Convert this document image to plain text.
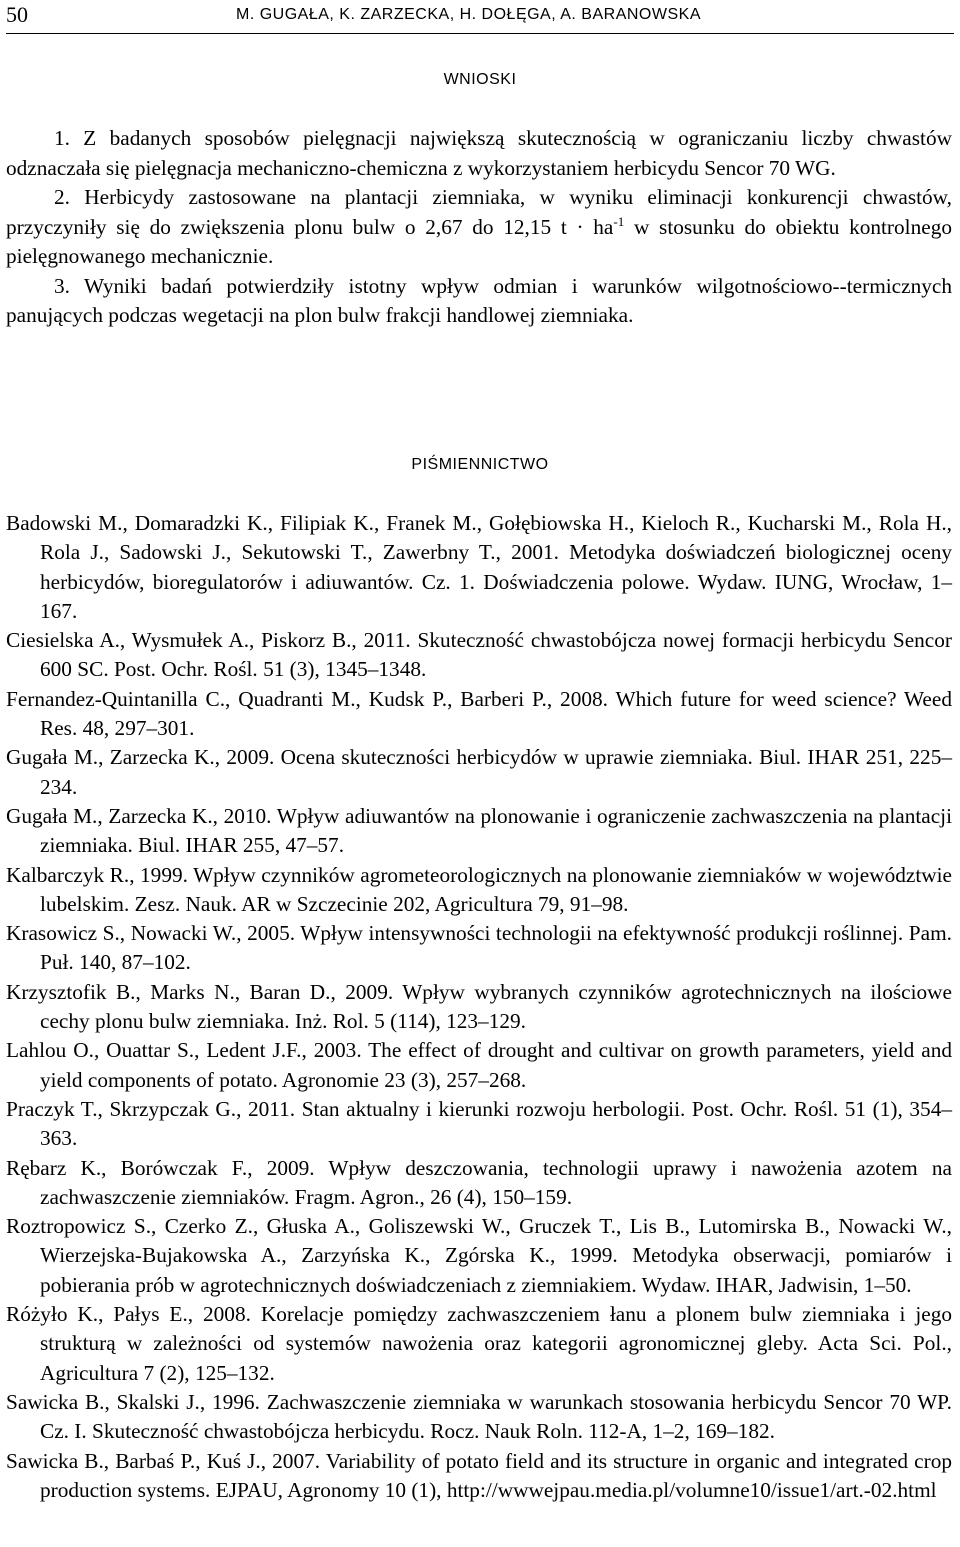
50	M. GUGAŁA, K. ZARZECKA, H. DOŁĘGA, A. BARANOWSKA
WNIOSKI

1. Z badanych sposobów pielęgnacji największą skutecznością w ograniczaniu liczby chwastów odznaczała się pielęgnacja mechaniczno-chemiczna z wykorzystaniem herbicydu Sencor 70 WG.

2. Herbicydy zastosowane na plantacji ziemniaka, w wyniku eliminacji konkurencji chwastów, przyczyniły się do zwiększenia plonu bulw o 2,67 do 12,15 $t \cdot ha^{-1}$ w stosunku do obiektu kontrolnego pielęgnowanego mechanicznie.

3. Wyniki badań potwierdziły istotny wpływ odmian i warunków wilgotnościowo--termicznych panujących podczas wegetacji na plon bulw frakcji handlowej ziemniaka.

PIŚMIENNICTWO

Badowski M., Domaradzki K., Filipiak K., Franek M., Gołębiowska H., Kieloch R., Kucharski M., Rola H., Rola J., Sadowski J., Sekutowski T., Zawerbny T., 2001. Metodyka doświadczeń biologicznej oceny herbicydów, bioregulatorów i adiuwantów. Cz. 1. Doświadczenia polowe. Wydaw. IUNG, Wrocław, 1–167.

Ciesielska A., Wysmułek A., Piskorz B., 2011. Skuteczność chwastobójcza nowej formacji herbicydu Sencor 600 SC. Post. Ochr. Rośl. 51 (3), 1345–1348.

Fernandez-Quintanilla C., Quadranti M., Kudsk P., Barberi P., 2008. Which future for weed science? Weed Res. 48, 297–301.

Gugała M., Zarzecka K., 2009. Ocena skuteczności herbicydów w uprawie ziemniaka. Biul. IHAR 251, 225–234.

Gugała M., Zarzecka K., 2010. Wpływ adiuwantów na plonowanie i ograniczenie zachwaszczenia na plantacji ziemniaka. Biul. IHAR 255, 47–57.

Kalbarczyk R., 1999. Wpływ czynników agrometeorologicznych na plonowanie ziemniaków w województwie lubelskim. Zesz. Nauk. AR w Szczecinie 202, Agricultura 79, 91–98.

Krasowicz S., Nowacki W., 2005. Wpływ intensywności technologii na efektywność produkcji roślinnej. Pam. Puł. 140, 87–102.

Krzysztofik B., Marks N., Baran D., 2009. Wpływ wybranych czynników agrotechnicznych na ilościowe cechy plonu bulw ziemniaka. Inż. Rol. 5 (114), 123–129.

Lahlou O., Ouattar S., Ledent J.F., 2003. The effect of drought and cultivar on growth parameters, yield and yield components of potato. Agronomie 23 (3), 257–268.

Praczyk T., Skrzypczak G., 2011. Stan aktualny i kierunki rozwoju herbologii. Post. Ochr. Rośl. 51 (1), 354–363.

Rębarz K., Borówczak F., 2009. Wpływ deszczowania, technologii uprawy i nawożenia azotem na zachwaszczenie ziemniaków. Fragm. Agron., 26 (4), 150–159.

Roztropowicz S., Czerko Z., Głuska A., Goliszewski W., Gruczek T., Lis B., Lutomirska B., Nowacki W., Wierzejska-Bujakowska A., Zarzyńska K., Zgórska K., 1999. Metodyka obserwacji, pomiarów i pobierania prób w agrotechnicznych doświadczeniach z ziemniakiem. Wydaw. IHAR, Jadwisin, 1–50.

Różyło K., Pałys E., 2008. Korelacje pomiędzy zachwaszczeniem łanu a plonem bulw ziemniaka i jego strukturą w zależności od systemów nawożenia oraz kategorii agronomicznej gleby. Acta Sci. Pol., Agricultura 7 (2), 125–132.

Sawicka B., Skalski J., 1996. Zachwaszczenie ziemniaka w warunkach stosowania herbicydu Sencor 70 WP. Cz. I. Skuteczność chwastobójcza herbicydu. Rocz. Nauk Roln. 112-A, 1–2, 169–182.

Sawicka B., Barbaś P., Kuś J., 2007. Variability of potato field and its structure in organic and integrated crop production systems. EJPAU, Agronomy 10 (1), http://wwwejpau.media.pl/volumne10/issue1/art.-02.html
